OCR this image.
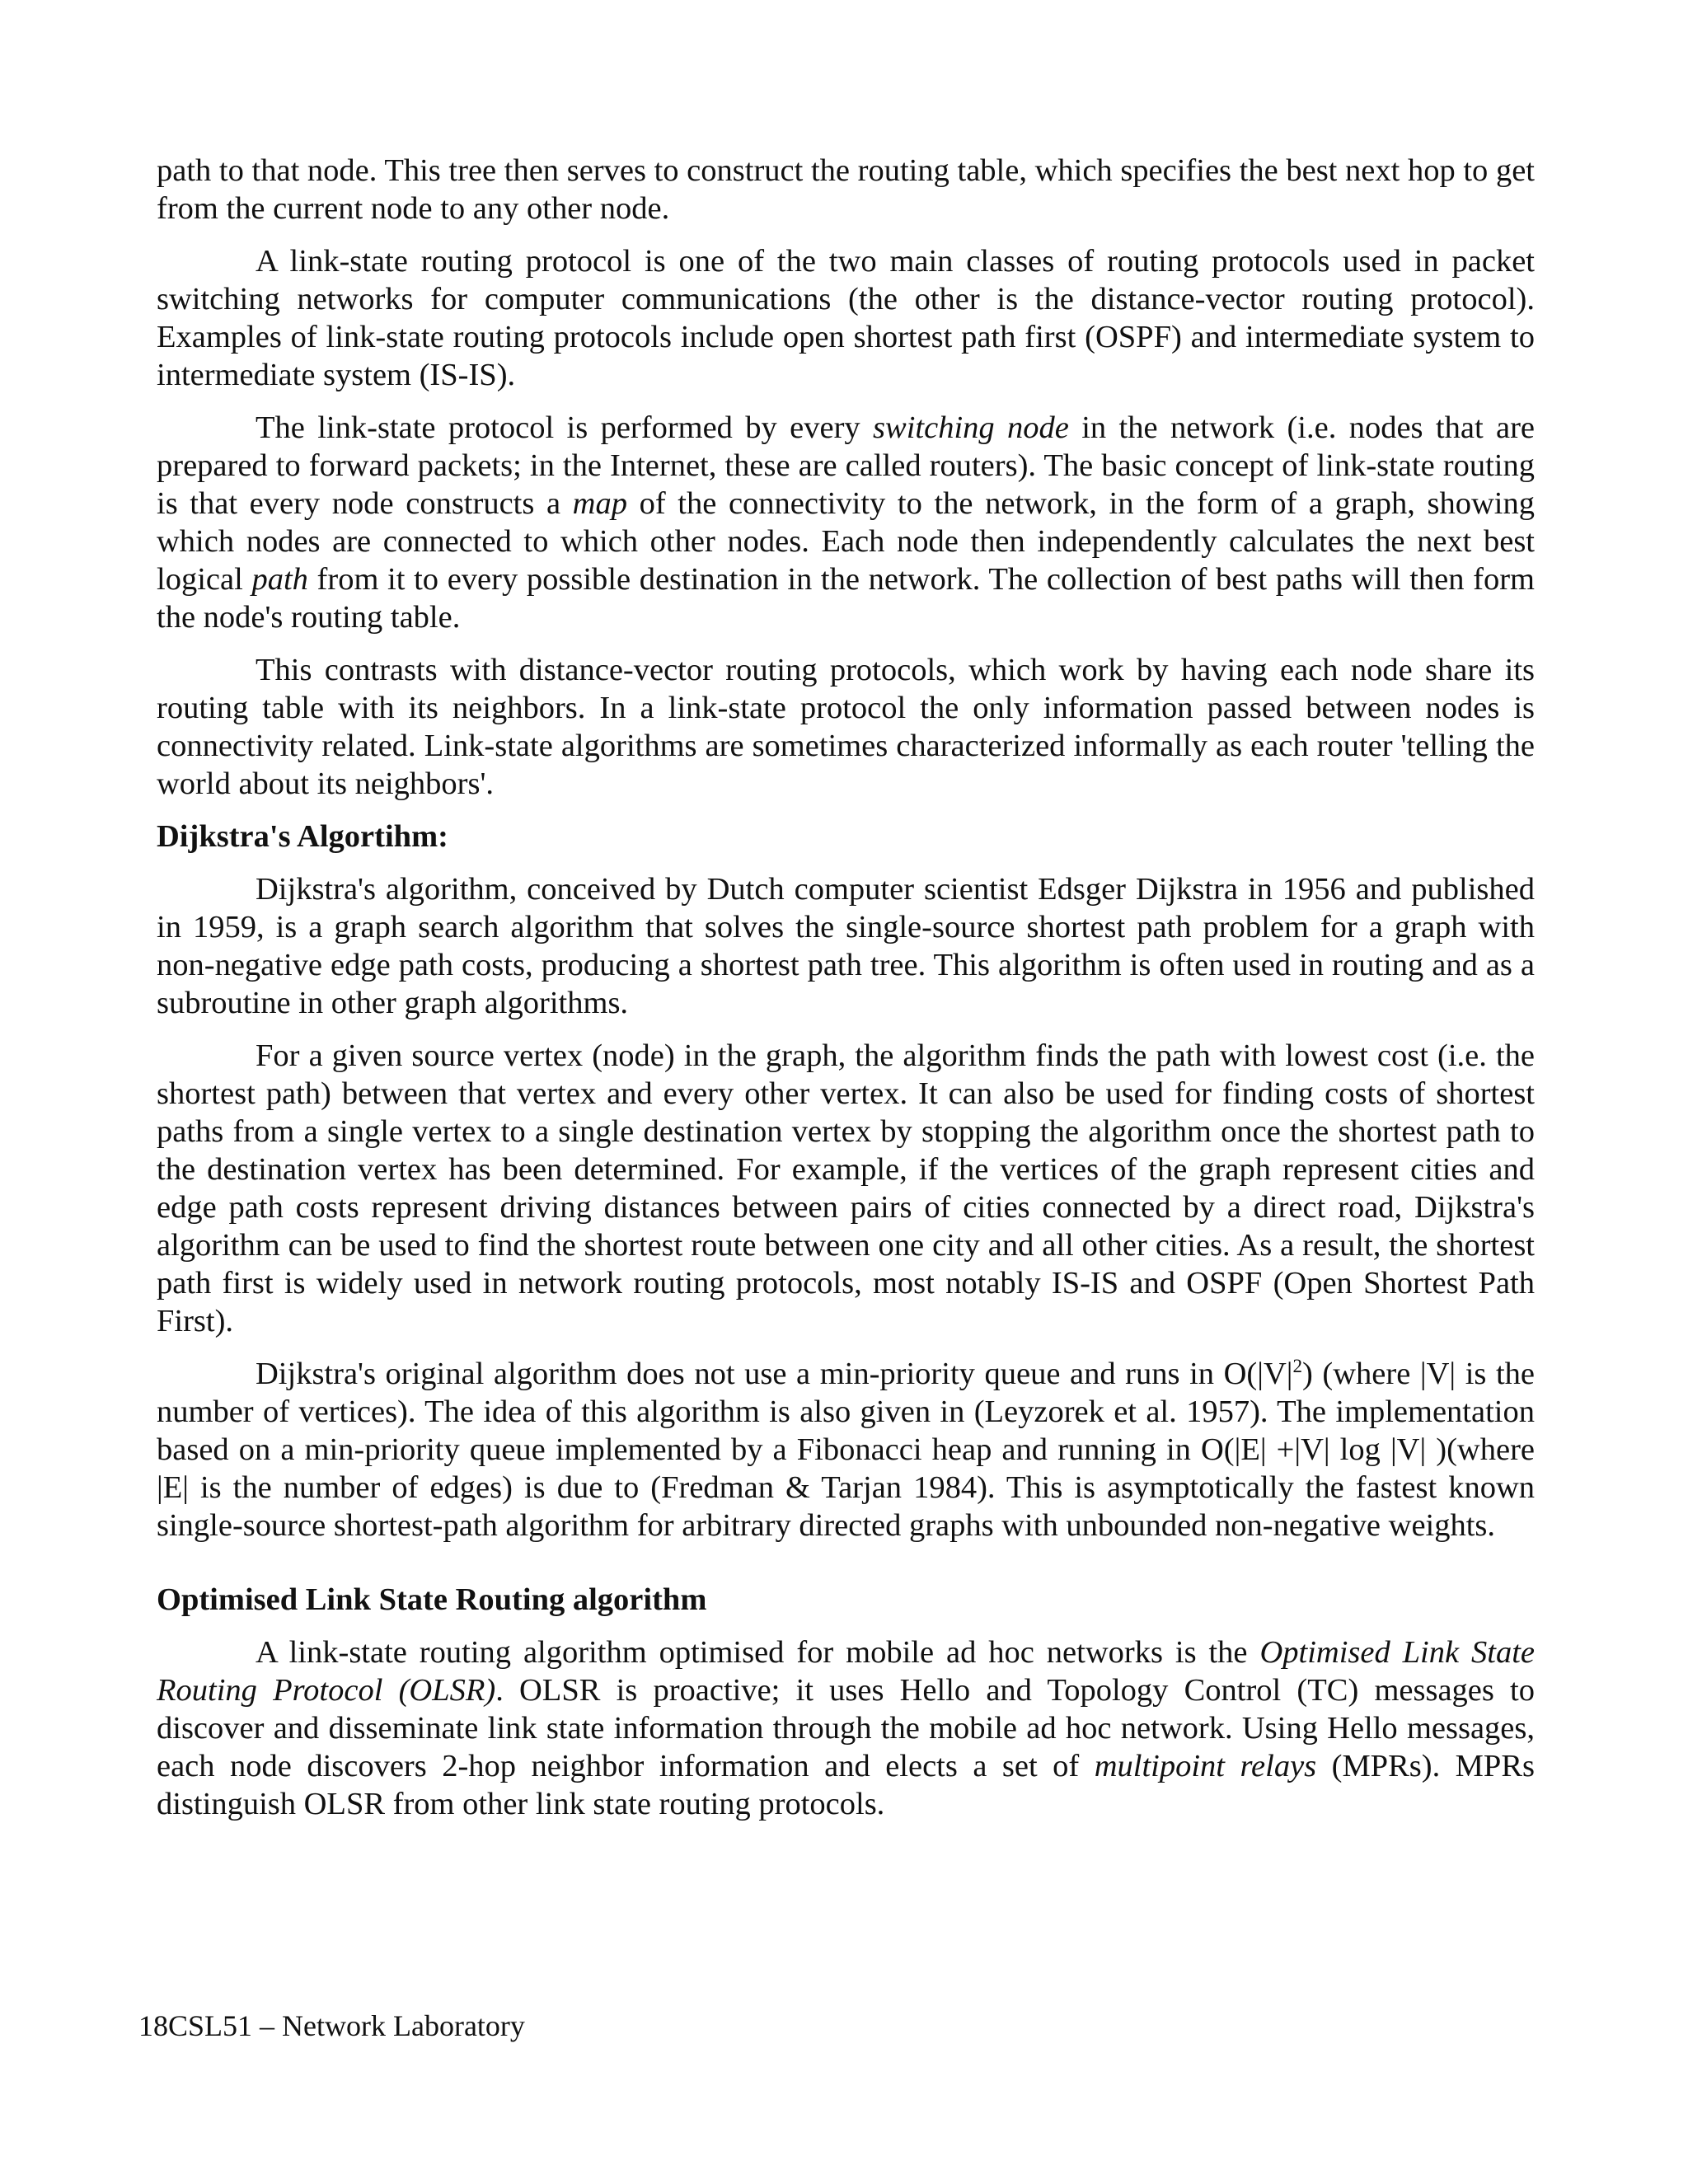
path to that node. This tree then serves to construct the routing table, which specifies the best next hop to get from the current node to any other node.

A link-state routing protocol is one of the two main classes of routing protocols used in packet switching networks for computer communications (the other is the distance-vector routing protocol). Examples of link-state routing protocols include open shortest path first (OSPF) and intermediate system to intermediate system (IS-IS).

The link-state protocol is performed by every switching node in the network (i.e. nodes that are prepared to forward packets; in the Internet, these are called routers). The basic concept of link-state routing is that every node constructs a map of the connectivity to the network, in the form of a graph, showing which nodes are connected to which other nodes. Each node then independently calculates the next best logical path from it to every possible destination in the network. The collection of best paths will then form the node's routing table.

This contrasts with distance-vector routing protocols, which work by having each node share its routing table with its neighbors. In a link-state protocol the only information passed between nodes is connectivity related. Link-state algorithms are sometimes characterized informally as each router 'telling the world about its neighbors'.

Dijkstra's Algortihm:

Dijkstra's algorithm, conceived by Dutch computer scientist Edsger Dijkstra in 1956 and published in 1959, is a graph search algorithm that solves the single-source shortest path problem for a graph with non-negative edge path costs, producing a shortest path tree. This algorithm is often used in routing and as a subroutine in other graph algorithms.

For a given source vertex (node) in the graph, the algorithm finds the path with lowest cost (i.e. the shortest path) between that vertex and every other vertex. It can also be used for finding costs of shortest paths from a single vertex to a single destination vertex by stopping the algorithm once the shortest path to the destination vertex has been determined. For example, if the vertices of the graph represent cities and edge path costs represent driving distances between pairs of cities connected by a direct road, Dijkstra's algorithm can be used to find the shortest route between one city and all other cities. As a result, the shortest path first is widely used in network routing protocols, most notably IS-IS and OSPF (Open Shortest Path First).

Dijkstra's original algorithm does not use a min-priority queue and runs in $O(|V|^2)$ (where |V| is the number of vertices). The idea of this algorithm is also given in (Leyzorek et al. 1957). The implementation based on a min-priority queue implemented by a Fibonacci heap and running in O(|E| +|V| log |V| )(where |E| is the number of edges) is due to (Fredman & Tarjan 1984). This is asymptotically the fastest known single-source shortest-path algorithm for arbitrary directed graphs with unbounded non-negative weights.

Optimised Link State Routing algorithm

A link-state routing algorithm optimised for mobile ad hoc networks is the Optimised Link State Routing Protocol (OLSR). OLSR is proactive; it uses Hello and Topology Control (TC) messages to discover and disseminate link state information through the mobile ad hoc network. Using Hello messages, each node discovers 2-hop neighbor information and elects a set of multipoint relays (MPRs). MPRs distinguish OLSR from other link state routing protocols.

18CSL51 – Network Laboratory
